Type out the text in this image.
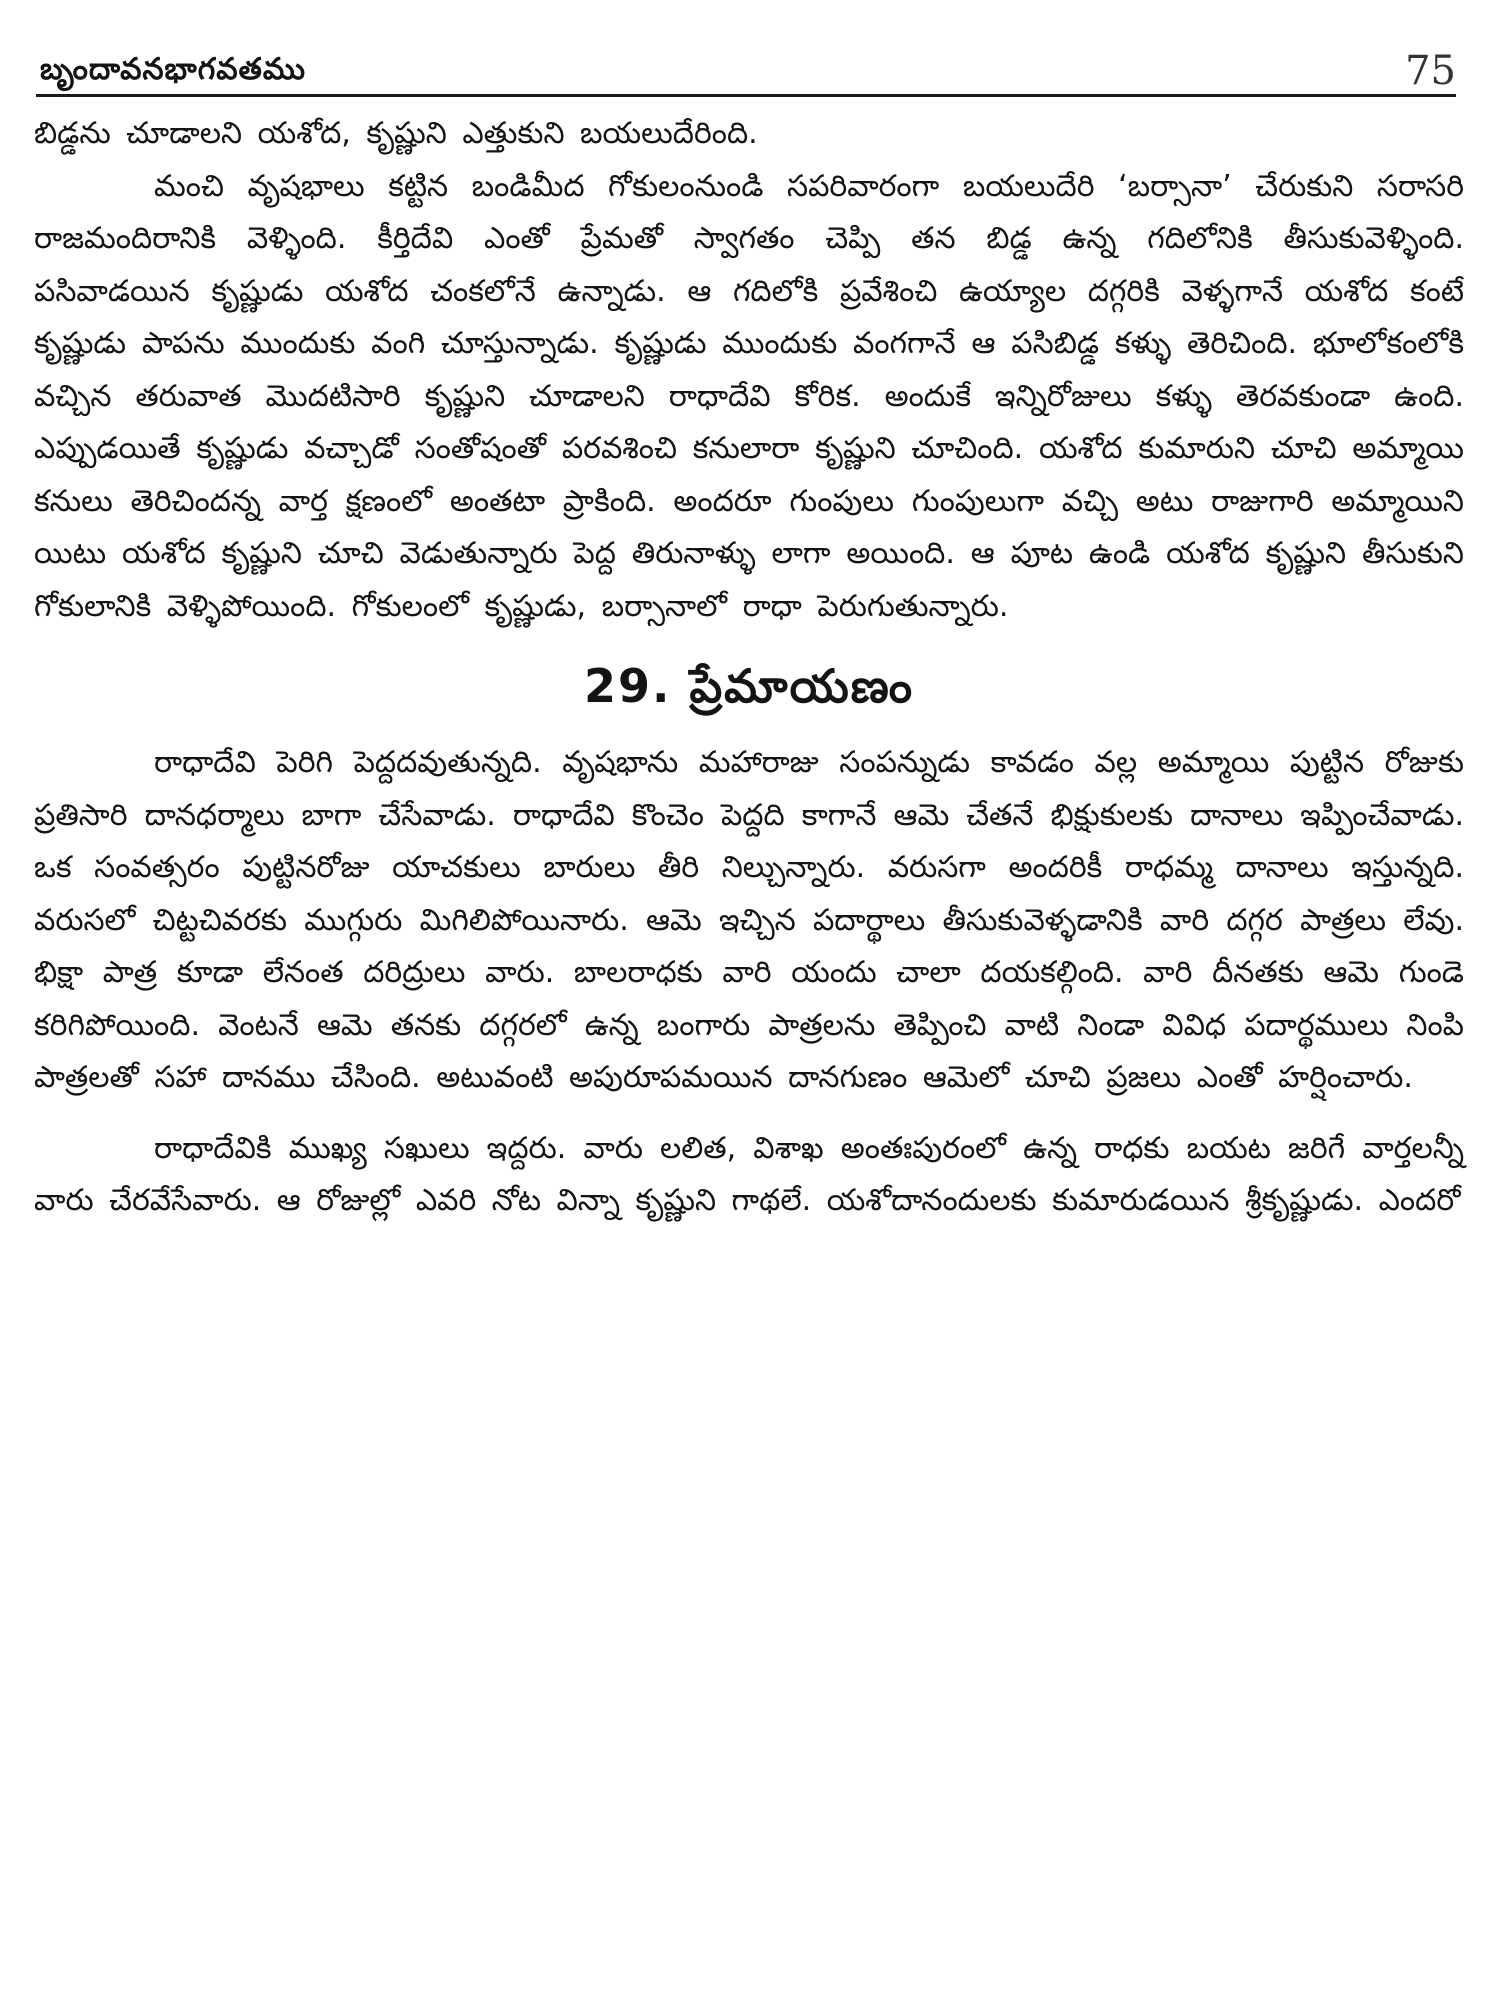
బృందావనభాగవతము	75

బిడ్డను చూడాలని యశోద, కృష్ణుని ఎత్తుకుని బయలుదేరింది.

మంచి వృషభాలు కట్టిన బండిమీద గోకులంనుండి సపరివారంగా బయలుదేరి ‘బర్సానా’ చేరుకుని సరాసరి రాజమందిరానికి వెళ్ళింది. కీర్తిదేవి ఎంతో ప్రేమతో స్వాగతం చెప్పి తన బిడ్డ ఉన్న గదిలోనికి తీసుకువెళ్ళింది. పసివాడయిన కృష్ణుడు యశోద చంకలోనే ఉన్నాడు. ఆ గదిలోకి ప్రవేశించి ఉయ్యాల దగ్గరికి వెళ్ళగానే యశోద కంటే కృష్ణుడు పాపను ముందుకు వంగి చూస్తున్నాడు. కృష్ణుడు ముందుకు వంగగానే ఆ పసిబిడ్డ కళ్ళు తెరిచింది. భూలోకంలోకి వచ్చిన తరువాత మొదటిసారి కృష్ణుని చూడాలని రాధాదేవి కోరిక. అందుకే ఇన్నిరోజులు కళ్ళు తెరవకుండా ఉంది. ఎప్పుడయితే కృష్ణుడు వచ్చాడో సంతోషంతో పరవశించి కనులారా కృష్ణుని చూచింది. యశోద కుమారుని చూచి అమ్మాయి కనులు తెరిచిందన్న వార్త క్షణంలో అంతటా ప్రాకింది. అందరూ గుంపులు గుంపులుగా వచ్చి అటు రాజుగారి అమ్మాయిని యిటు యశోద కృష్ణుని చూచి వెడుతున్నారు పెద్ద తిరునాళ్ళు లాగా అయింది. ఆ పూట ఉండి యశోద కృష్ణుని తీసుకుని గోకులానికి వెళ్ళిపోయింది. గోకులంలో కృష్ణుడు, బర్సానాలో రాధా పెరుగుతున్నారు.

29. ప్రేమాయణం

రాధాదేవి పెరిగి పెద్దదవుతున్నది. వృషభాను మహారాజు సంపన్నుడు కావడం వల్ల అమ్మాయి పుట్టిన రోజుకు ప్రతిసారి దానధర్మాలు బాగా చేసేవాడు. రాధాదేవి కొంచెం పెద్దది కాగానే ఆమె చేతనే భిక్షుకులకు దానాలు ఇప్పించేవాడు. ఒక సంవత్సరం పుట్టినరోజు యాచకులు బారులు తీరి నిల్చున్నారు. వరుసగా అందరికీ రాధమ్మ దానాలు ఇస్తున్నది. వరుసలో చిట్టచివరకు ముగ్గురు మిగిలిపోయినారు. ఆమె ఇచ్చిన పదార్థాలు తీసుకువెళ్ళడానికి వారి దగ్గర పాత్రలు లేవు. భిక్షా పాత్ర కూడా లేనంత దరిద్రులు వారు. బాలరాధకు వారి యందు చాలా దయకల్గింది. వారి దీనతకు ఆమె గుండె కరిగిపోయింది. వెంటనే ఆమె తనకు దగ్గరలో ఉన్న బంగారు పాత్రలను తెప్పించి వాటి నిండా వివిధ పదార్థములు నింపి పాత్రలతో సహా దానము చేసింది. అటువంటి అపురూపమయిన దానగుణం ఆమెలో చూచి ప్రజలు ఎంతో హర్షించారు.

రాధాదేవికి ముఖ్య సఖులు ఇద్దరు. వారు లలిత, విశాఖ అంతఃపురంలో ఉన్న రాధకు బయట జరిగే వార్తలన్నీ వారు చేరవేసేవారు. ఆ రోజుల్లో ఎవరి నోట విన్నా కృష్ణుని గాథలే. యశోదానందులకు కుమారుడయిన శ్రీకృష్ణుడు. ఎందరో
